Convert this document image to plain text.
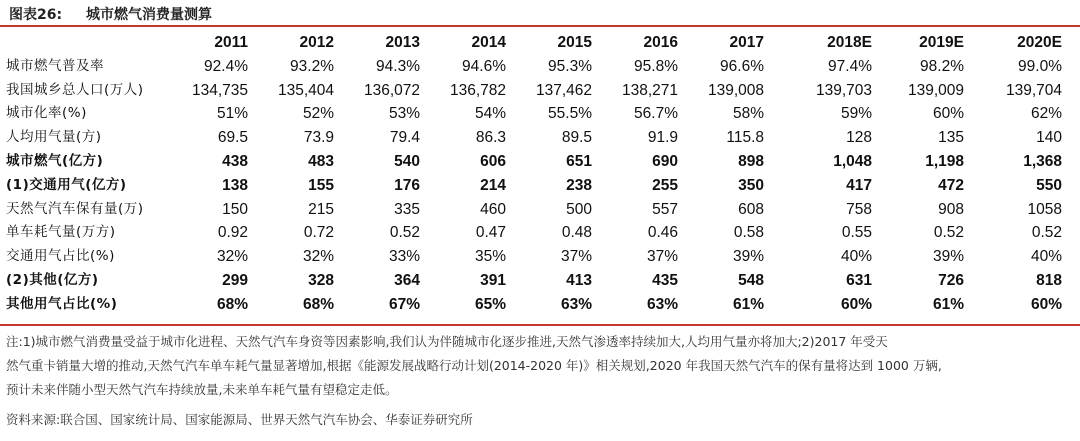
图表26: 城市燃气消费量测算
	2011	2012	2013	2014	2015	2016	2017	2018E	2019E	2020E
城市燃气普及率	92.4%	93.2%	94.3%	94.6%	95.3%	95.8%	96.6%	97.4%	98.2%	99.0%
我国城乡总人口(万人)	134,735	135,404	136,072	136,782	137,462	138,271	139,008	139,703	139,009	139,704
城市化率(%)	51%	52%	53%	54%	55.5%	56.7%	58%	59%	60%	62%
人均用气量(方)	69.5	73.9	79.4	86.3	89.5	91.9	115.8	128	135	140
城市燃气(亿方)	438	483	540	606	651	690	898	1,048	1,198	1,368
(1)交通用气(亿方)	138	155	176	214	238	255	350	417	472	550
天然气汽车保有量(万)	150	215	335	460	500	557	608	758	908	1058
单车耗气量(万方)	0.92	0.72	0.52	0.47	0.48	0.46	0.58	0.55	0.52	0.52
交通用气占比(%)	32%	32%	33%	35%	37%	37%	39%	40%	39%	40%
(2)其他(亿方)	299	328	364	391	413	435	548	631	726	818
其他用气占比(%)	68%	68%	67%	65%	63%	63%	61%	60%	61%	60%

注:1)城市燃气消费量受益于城市化进程、天然气汽车身资等因素影响,我们认为伴随城市化逐步推进,天然气渗透率持续加大,人均用气量亦将加大;2)2017 年受天

然气重卡销量大增的推动,天然气汽车单车耗气量显著增加,根据《能源发展战略行动计划(2014-2020 年)》相关规划,2020 年我国天然气汽车的保有量将达到 1000 万辆,

预计未来伴随小型天然气汽车持续放量,未来单车耗气量有望稳定走低。

资料来源:联合国、国家统计局、国家能源局、世界天然气汽车协会、华泰证券研究所
